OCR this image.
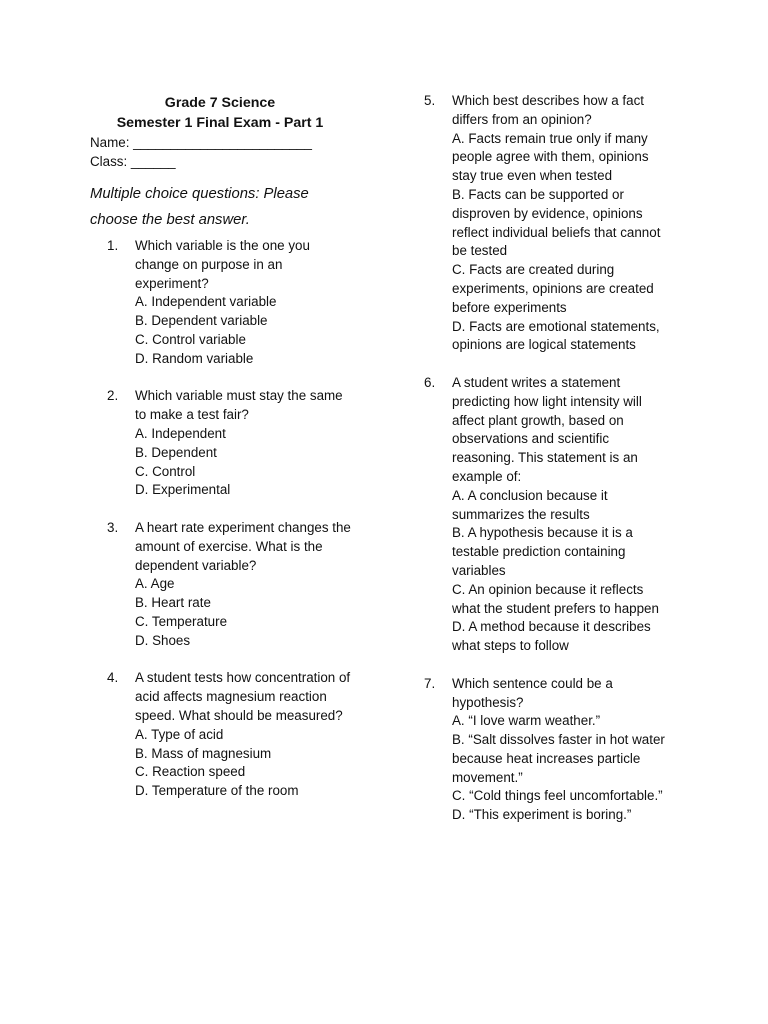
Grade 7 Science
Semester 1 Final Exam - Part 1
Name: ________________________
Class: ______
Multiple choice questions: Please choose the best answer.
1.	Which variable is the one you change on purpose in an experiment?
A. Independent variable
B. Dependent variable
C. Control variable
D. Random variable
2.	Which variable must stay the same to make a test fair?
A. Independent
B. Dependent
C. Control
D. Experimental
3.	A heart rate experiment changes the amount of exercise. What is the dependent variable?
A. Age
B. Heart rate
C. Temperature
D. Shoes
4.	A student tests how concentration of acid affects magnesium reaction speed. What should be measured?
A. Type of acid
B. Mass of magnesium
C. Reaction speed
D. Temperature of the room
5.	Which best describes how a fact differs from an opinion?
A. Facts remain true only if many people agree with them, opinions stay true even when tested
B. Facts can be supported or disproven by evidence, opinions reflect individual beliefs that cannot be tested
C. Facts are created during experiments, opinions are created before experiments
D. Facts are emotional statements, opinions are logical statements
6.	A student writes a statement predicting how light intensity will affect plant growth, based on observations and scientific reasoning. This statement is an example of:
A. A conclusion because it summarizes the results
B. A hypothesis because it is a testable prediction containing variables
C. An opinion because it reflects what the student prefers to happen
D. A method because it describes what steps to follow
7.	Which sentence could be a hypothesis?
A. “I love warm weather.”
B. “Salt dissolves faster in hot water because heat increases particle movement.”
C. “Cold things feel uncomfortable.”
D. “This experiment is boring.”
